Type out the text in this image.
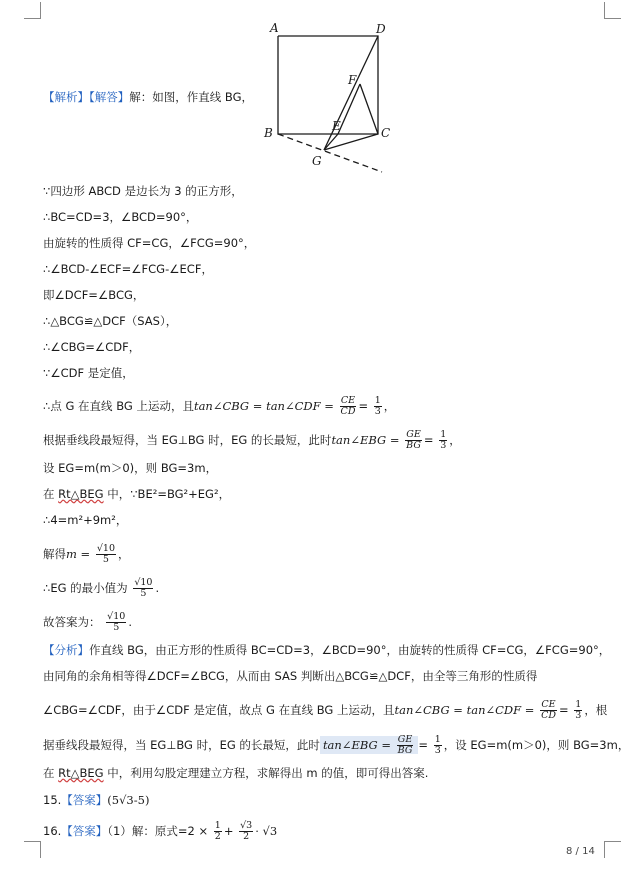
A	D
F
B	E	C
G
【解析】【解答】解：如图，作直线 BG，
∵四边形 ABCD 是边长为 3 的正方形，
∴BC=CD=3，∠BCD=90°，
由旋转的性质得 CF=CG，∠FCG=90°，
∴∠BCD-∠ECF=∠FCG-∠ECF，
即∠DCF=∠BCG，
∴△BCG≌△DCF（SAS），
∴∠CBG=∠CDF，
∵∠CDF 是定值，
∴点 G 在直线 BG 上运动，且tan∠CBG = tan∠CDF = $\frac{CE}{CD} = \frac{1}{3}$ ，
根据垂线段最短得，当 EG⊥BG 时，EG 的长最短，此时tan∠EBG = $\frac{GE}{BG} = \frac{1}{3}$ ，
设 EG=m(m＞0)，则 BG=3m，
在 Rt△BEG 中，∵BE²=BG²+EG²，
∴4=m²+9m²，
解得$m = \frac{√10}{5}$ ，
∴EG 的最小值为 $\frac{√10}{5}$ .
故答案为： $\frac{√10}{5}$ .
【分析】作直线 BG，由正方形的性质得 BC=CD=3，∠BCD=90°，由旋转的性质得 CF=CG，∠FCG=90°，
由同角的余角相等得∠DCF=∠BCG，从而由 SAS 判断出△BCG≌△DCF，由全等三角形的性质得
∠CBG=∠CDF，由于∠CDF 是定值，故点 G 在直线 BG 上运动，且tan∠CBG = tan∠CDF = $\frac{CE}{CD} = \frac{1}{3}$ ，根
据垂线段最短得，当 EG⊥BG 时，EG 的长最短，此时 tan∠EBG = $\frac{GE}{BG} = \frac{1}{3}$ ，设 EG=m(m＞0)，则 BG=3m，
在 Rt△BEG 中，利用勾股定理建立方程，求解得出 m 的值，即可得出答案.
15.【答案】(5√3-5)
16.【答案】（1）解：原式$=2 \times \frac{1}{2} + \frac{√3}{2} \cdot √3$
8 / 14
